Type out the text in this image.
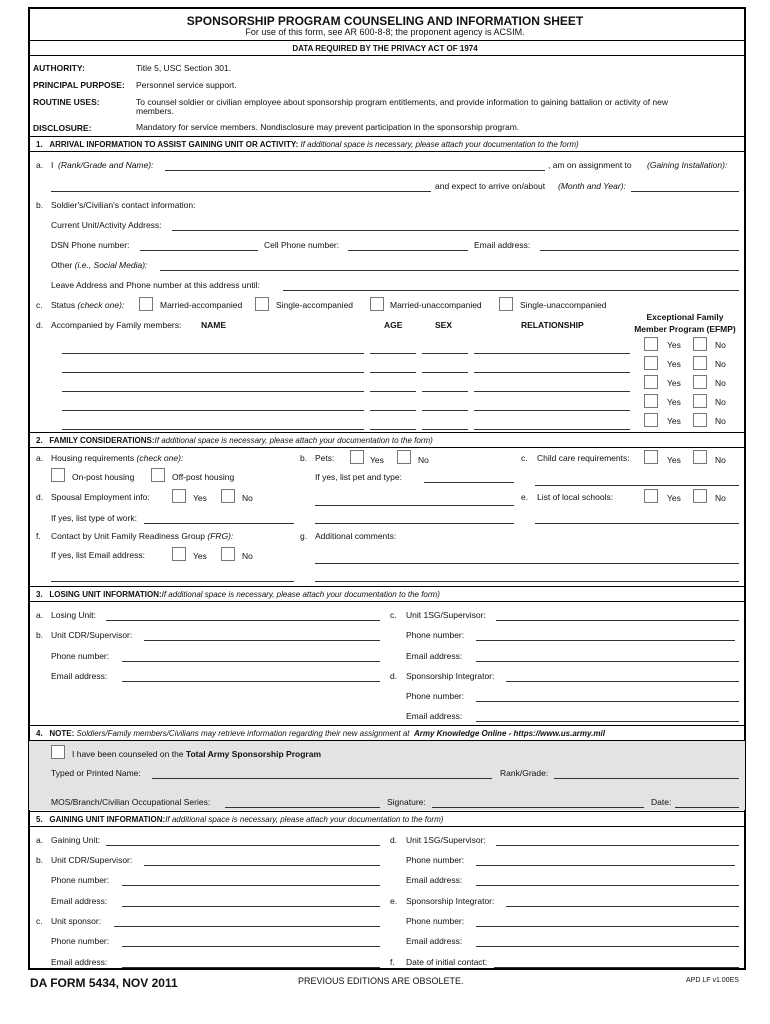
SPONSORSHIP PROGRAM COUNSELING AND INFORMATION SHEET
For use of this form, see AR 600-8-8; the proponent agency is ACSIM.
DATA REQUIRED BY THE PRIVACY ACT OF 1974
AUTHORITY:	Title 5, USC Section 301.
PRINCIPAL PURPOSE: Personnel service support.
ROUTINE USES:	To counsel soldier or civilian employee about sponsorship program entitlements, and provide information to gaining battalion or activity of new
members.
DISCLOSURE:	Mandatory for service members. Nondisclosure may prevent participation in the sponsorship program.
1. ARRIVAL INFORMATION TO ASSIST GAINING UNIT OR ACTIVITY: If additional space is necessary, please attach your documentation to the form)
a. I (Rank/Grade and Name):	, am on assignment to (Gaining Installation):
and expect to arrive on/about (Month and Year):
b. Soldier's/Civilian's contact information:
Current Unit/Activity Address:
DSN Phone number:	Cell Phone number:	Email address:
Other (i.e., Social Media):
Leave Address and Phone number at this address until:
c. Status (check one):	Married-accompanied	Single-accompanied	Married-unaccompanied	Single-unaccompanied
d. Accompanied by Family members: NAME	AGE	SEX	RELATIONSHIP
Exceptional Family
Member Program (EFMP)
Yes	No
Yes	No
Yes	No
Yes	No
Yes	No
2. FAMILY CONSIDERATIONS:If additional space is necessary, please attach your documentation to the form)
a. Housing requirements (check one):
On-post housing	Off-post housing
b. Pets:	Yes	No
If yes, list pet and type:
c. Child care requirements:	Yes	No
d. Spousal Employment info:	Yes	No
If yes, list type of work:
e. List of local schools:	Yes	No
f. Contact by Unit Family Readiness Group (FRG):
If yes, list Email address:	Yes	No
g. Additional comments:
3. LOSING UNIT INFORMATION:If additional space is necessary, please attach your documentation to the form)
a. Losing Unit:
b. Unit CDR/Supervisor:
Phone number:
Email address:
c. Unit 1SG/Supervisor:
Phone number:
Email address:
d. Sponsorship Integrator:
Phone number:
Email address:
4. NOTE: Soldiers/Family members/Civilians may retrieve information regarding their new assignment at Army Knowledge Online - https://www.us.army.mil
I have been counseled on the Total Army Sponsorship Program
Typed or Printed Name:	Rank/Grade:
MOS/Branch/Civilian Occupational Series:	Signature:	Date:
5. GAINING UNIT INFORMATION:If additional space is necessary, please attach your documentation to the form)
a. Gaining Unit:
b. Unit CDR/Supervisor:
Phone number:
Email address:
c. Unit sponsor:
Phone number:
Email address:
d. Unit 1SG/Supervisor:
Phone number:
Email address:
e. Sponsorship Integrator:
Phone number:
Email address:
f. Date of initial contact:
DA FORM 5434, NOV 2011	PREVIOUS EDITIONS ARE OBSOLETE.	APD LF v1.00ES
